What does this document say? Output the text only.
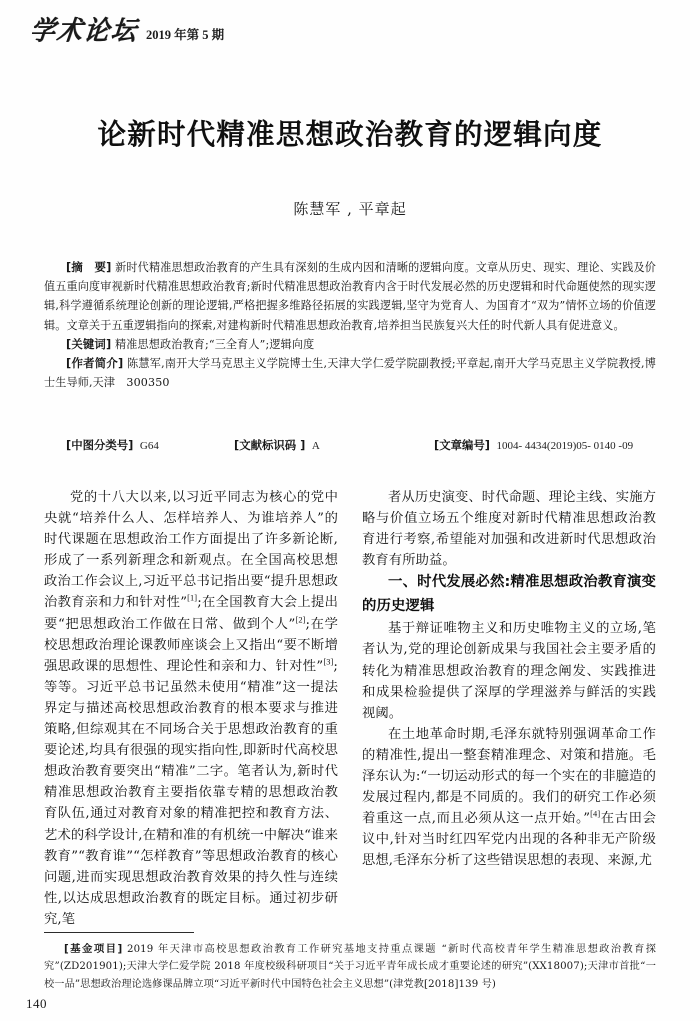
学术论坛 2019 年第 5 期
论新时代精准思想政治教育的逻辑向度
陈慧军 , 平章起

[摘　要] 新时代精准思想政治教育的产生具有深刻的生成内因和清晰的逻辑向度。文章从历史、现实、理论、实践及价值五重向度审视新时代精准思想政治教育;新时代精准思想政治教育内含于时代发展必然的历史逻辑和时代命题使然的现实逻辑,科学遵循系统理论创新的理论逻辑,严格把握多维路径拓展的实践逻辑,坚守为党育人、为国育才“双为”情怀立场的价值逻辑。文章关于五重逻辑指向的探索,对建构新时代精准思想政治教育,培养担当民族复兴大任的时代新人具有促进意义。

[关键词] 精准思想政治教育;“三全育人”;逻辑向度

[作者简介] 陈慧军,南开大学马克思主义学院博士生,天津大学仁爱学院副教授;平章起,南开大学马克思主义学院教授,博士生导师,天津　300350

[中图分类号] G64	[文献标识码 ] A	[文章编号] 1004- 4434(2019)05- 0140 -09

党的十八大以来,以习近平同志为核心的党中央就“培养什么人、怎样培养人、为谁培养人”的时代课题在思想政治工作方面提出了许多新论断,形成了一系列新理念和新观点。在全国高校思想政治工作会议上,习近平总书记指出要“提升思想政治教育亲和力和针对性”[1];在全国教育大会上提出要“把思想政治工作做在日常、做到个人”[2];在学校思想政治理论课教师座谈会上又指出“要不断增强思政课的思想性、理论性和亲和力、针对性”[3];等等。习近平总书记虽然未使用“精准”这一提法界定与描述高校思想政治教育的根本要求与推进策略,但综观其在不同场合关于思想政治教育的重要论述,均具有很强的现实指向性,即新时代高校思想政治教育要突出“精准”二字。笔者认为,新时代精准思想政治教育主要指依靠专精的思想政治教育队伍,通过对教育对象的精准把控和教育方法、艺术的科学设计,在精和准的有机统一中解决“谁来教育”“教育谁”“怎样教育”等思想政治教育的核心问题,进而实现思想政治教育效果的持久性与连续性,以达成思想政治教育的既定目标。通过初步研究,笔

者从历史演变、时代命题、理论主线、实施方略与价值立场五个维度对新时代精准思想政治教育进行考察,希望能对加强和改进新时代思想政治教育有所助益。

一、时代发展必然:精准思想政治教育演变的历史逻辑

基于辩证唯物主义和历史唯物主义的立场,笔者认为,党的理论创新成果与我国社会主要矛盾的转化为精准思想政治教育的理念阐发、实践推进和成果检验提供了深厚的学理滋养与鲜活的实践视阈。

在土地革命时期,毛泽东就特别强调革命工作的精准性,提出一整套精准理念、对策和措施。毛泽东认为:“一切运动形式的每一个实在的非臆造的发展过程内,都是不同质的。我们的研究工作必须着重这一点,而且必须从这一点开始。”[4]在古田会议中,针对当时红四军党内出现的各种非无产阶级思想,毛泽东分析了这些错误思想的表现、来源,尤

[基金项目] 2019 年天津市高校思想政治教育工作研究基地支持重点课题 “新时代高校青年学生精准思想政治教育探究”(ZD201901);天津大学仁爱学院 2018 年度校级科研项目“关于习近平青年成长成才重要论述的研究”(XX18007);天津市首批“一校一品”思想政治理论选修课品牌立项“习近平新时代中国特色社会主义思想”(津党教[2018]139 号)

140
